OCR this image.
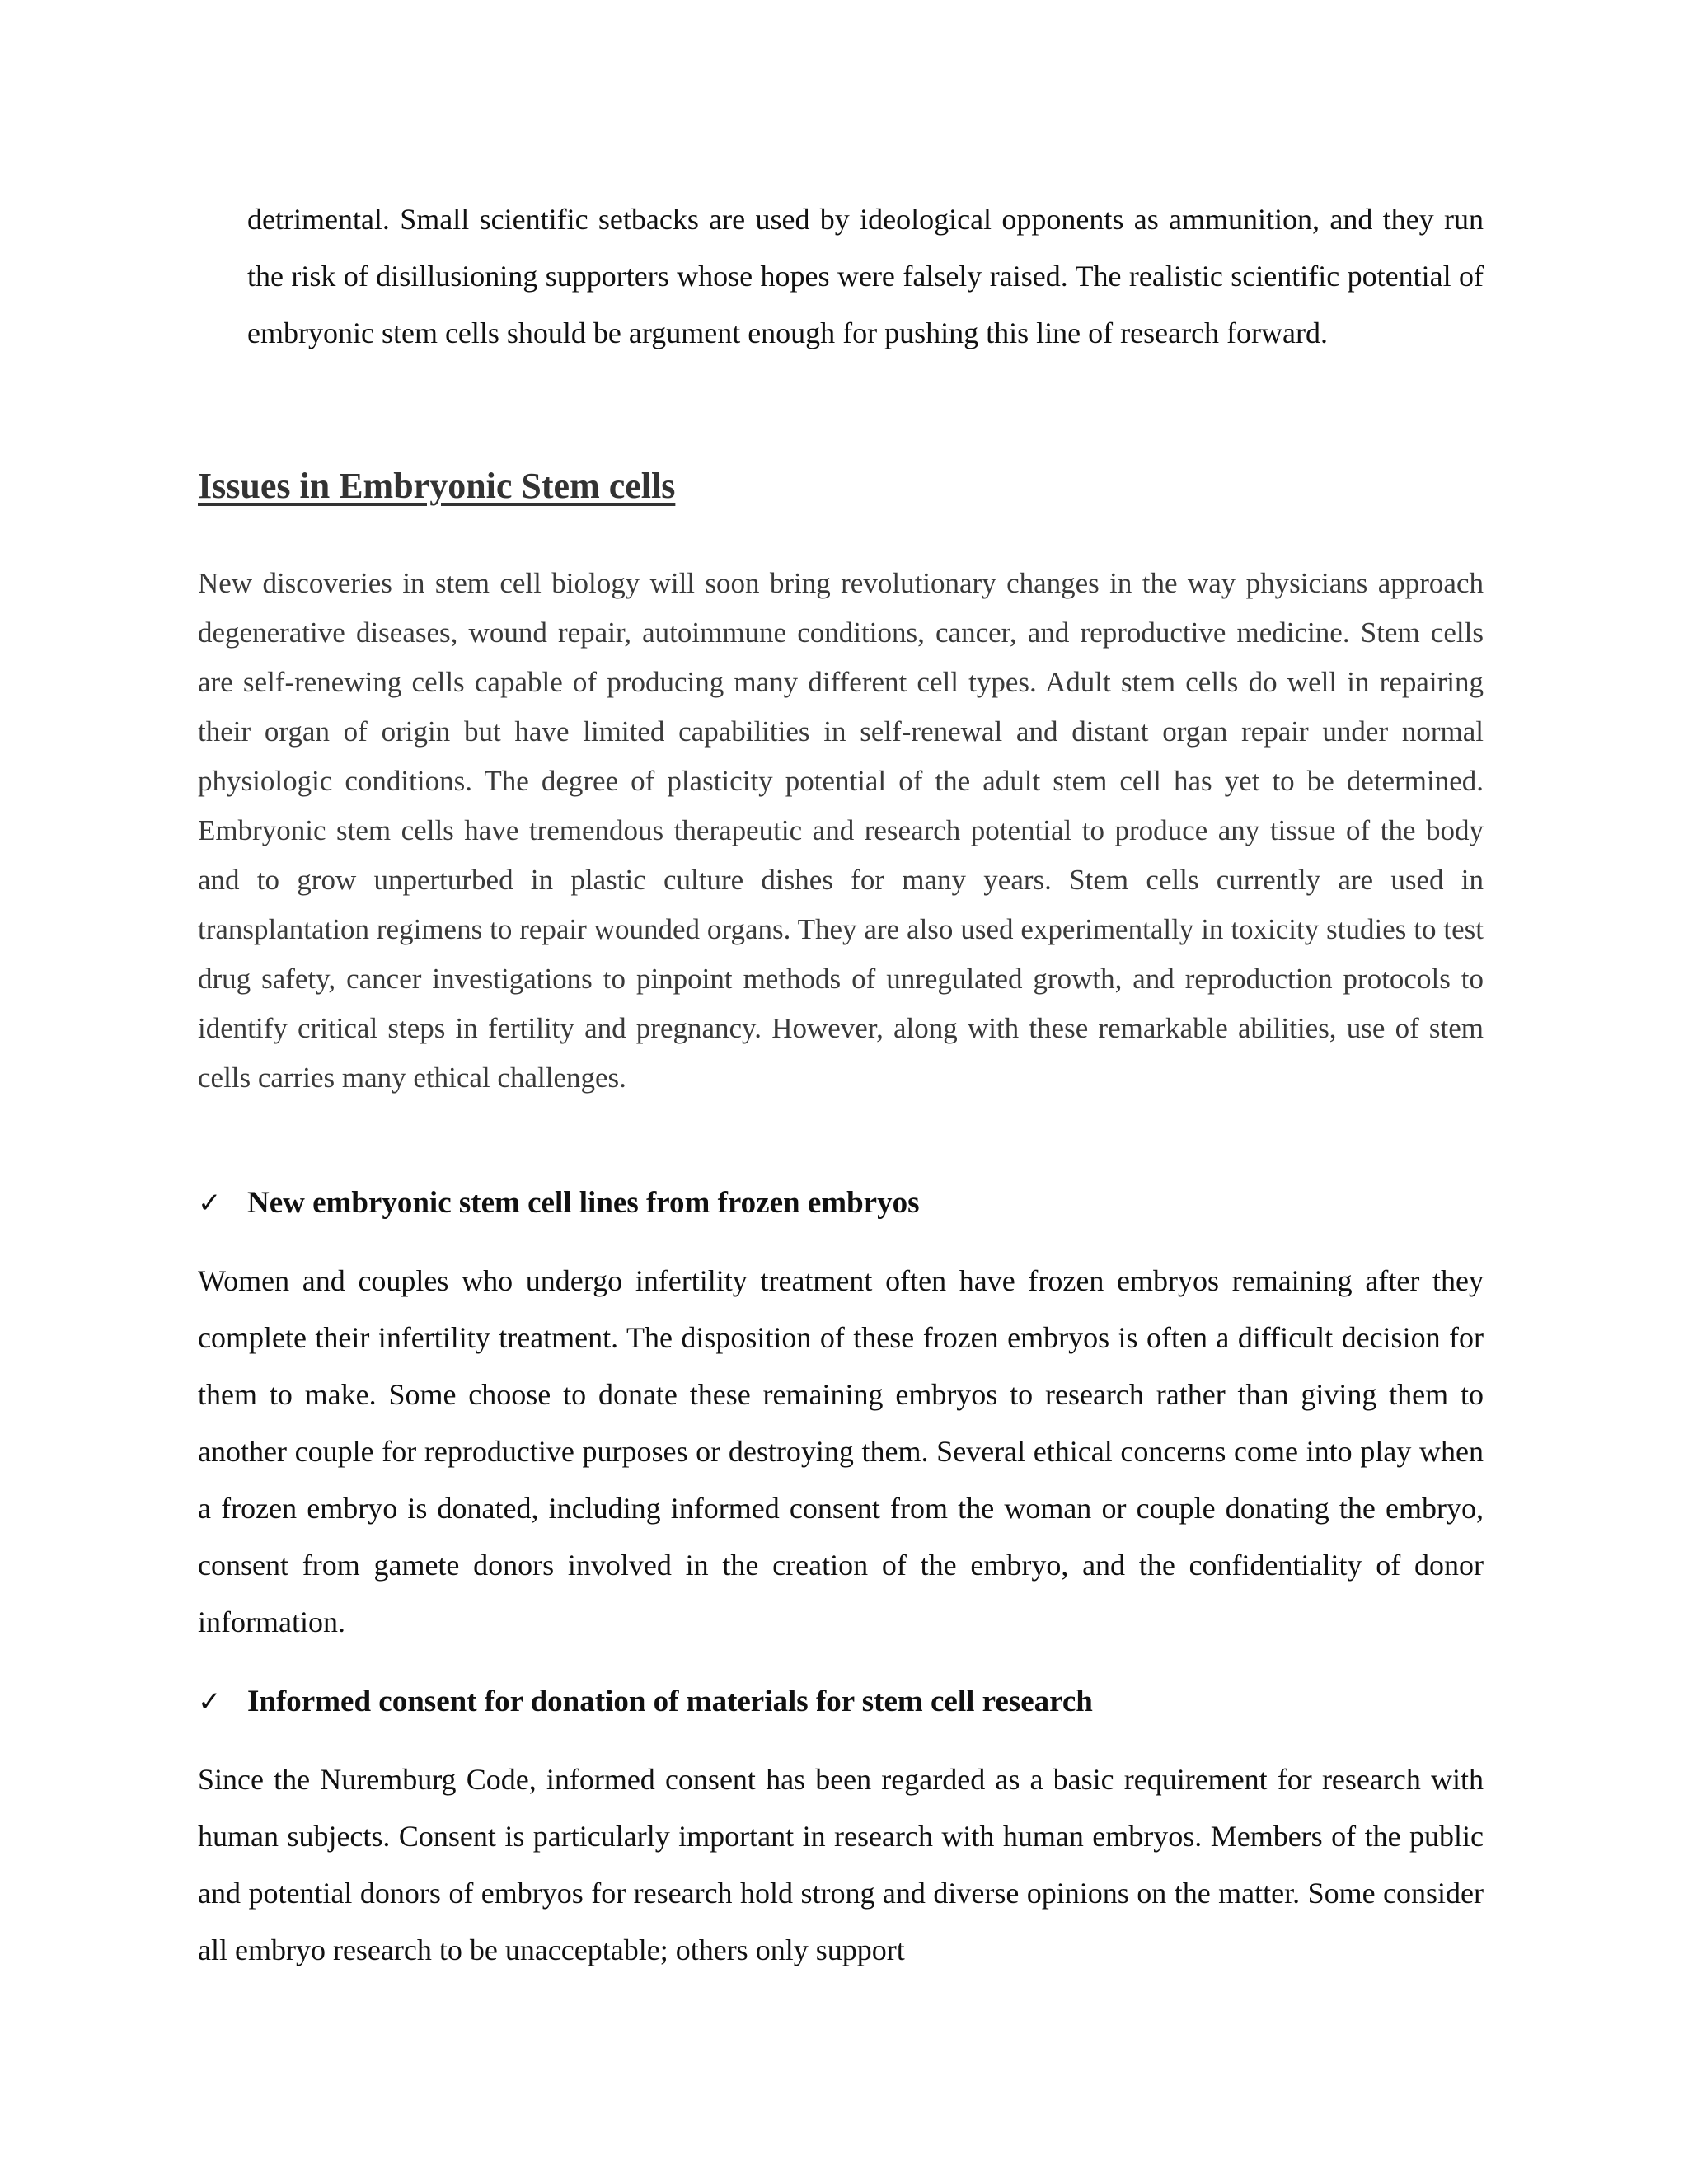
detrimental. Small scientific setbacks are used by ideological opponents as ammunition, and they run the risk of disillusioning supporters whose hopes were falsely raised. The realistic scientific potential of embryonic stem cells should be argument enough for pushing this line of research forward.

Issues in Embryonic Stem cells

New discoveries in stem cell biology will soon bring revolutionary changes in the way physicians approach degenerative diseases, wound repair, autoimmune conditions, cancer, and reproductive medicine. Stem cells are self-renewing cells capable of producing many different cell types. Adult stem cells do well in repairing their organ of origin but have limited capabilities in self-renewal and distant organ repair under normal physiologic conditions. The degree of plasticity potential of the adult stem cell has yet to be determined. Embryonic stem cells have tremendous therapeutic and research potential to produce any tissue of the body and to grow unperturbed in plastic culture dishes for many years. Stem cells currently are used in transplantation regimens to repair wounded organs. They are also used experimentally in toxicity studies to test drug safety, cancer investigations to pinpoint methods of unregulated growth, and reproduction protocols to identify critical steps in fertility and pregnancy. However, along with these remarkable abilities, use of stem cells carries many ethical challenges.

✓ New embryonic stem cell lines from frozen embryos

Women and couples who undergo infertility treatment often have frozen embryos remaining after they complete their infertility treatment. The disposition of these frozen embryos is often a difficult decision for them to make. Some choose to donate these remaining embryos to research rather than giving them to another couple for reproductive purposes or destroying them. Several ethical concerns come into play when a frozen embryo is donated, including informed consent from the woman or couple donating the embryo, consent from gamete donors involved in the creation of the embryo, and the confidentiality of donor information.

✓ Informed consent for donation of materials for stem cell research

Since the Nuremburg Code, informed consent has been regarded as a basic requirement for research with human subjects. Consent is particularly important in research with human embryos. Members of the public and potential donors of embryos for research hold strong and diverse opinions on the matter. Some consider all embryo research to be unacceptable; others only support
